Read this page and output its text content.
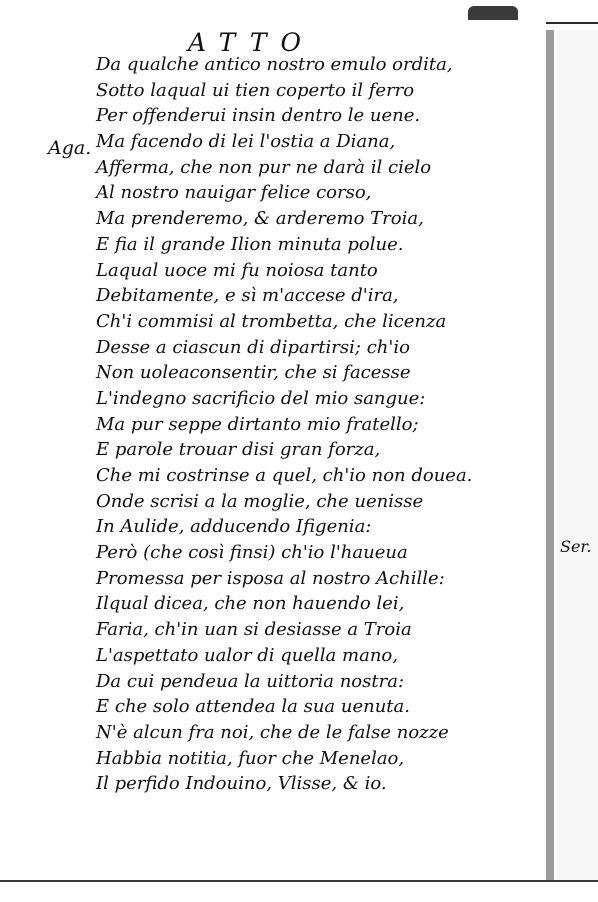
ATTO
Aga.
Ser.
Da qualche antico nostro emulo ordita,
Sotto laqual ui tien coperto il ferro
Per offenderui insin dentro le uene.
Ma facendo di lei l'ostia a Diana,
Afferma, che non pur ne darà il cielo
Al nostro nauigar felice corso,
Ma prenderemo, & arderemo Troia,
E fia il grande Ilion minuta polue.
Laqual uoce mi fu noiosa tanto
Debitamente, e sì m'accese d'ira,
Ch'i commisi al trombetta, che licenza
Desse a ciascun di dipartirsi; ch'io
Non uoleaconsentir, che si facesse
L'indegno sacrificio del mio sangue:
Ma pur seppe dirtanto mio fratello;
E parole trouar disi gran forza,
Che mi costrinse a quel, ch'io non douea.
Onde scrisi a la moglie, che uenisse
In Aulide, adducendo Ifigenia:
Però (che così finsi) ch'io l'haueua
Promessa per isposa al nostro Achille:
Ilqual dicea, che non hauendo lei,
Faria, ch'in uan si desiasse a Troia
L'aspettato ualor di quella mano,
Da cui pendeua la uittoria nostra:
E che solo attendea la sua uenuta.
N'è alcun fra noi, che de le false nozze
Habbia notitia, fuor che Menelao,
Il perfido Indouino, Vlisse, & io.
